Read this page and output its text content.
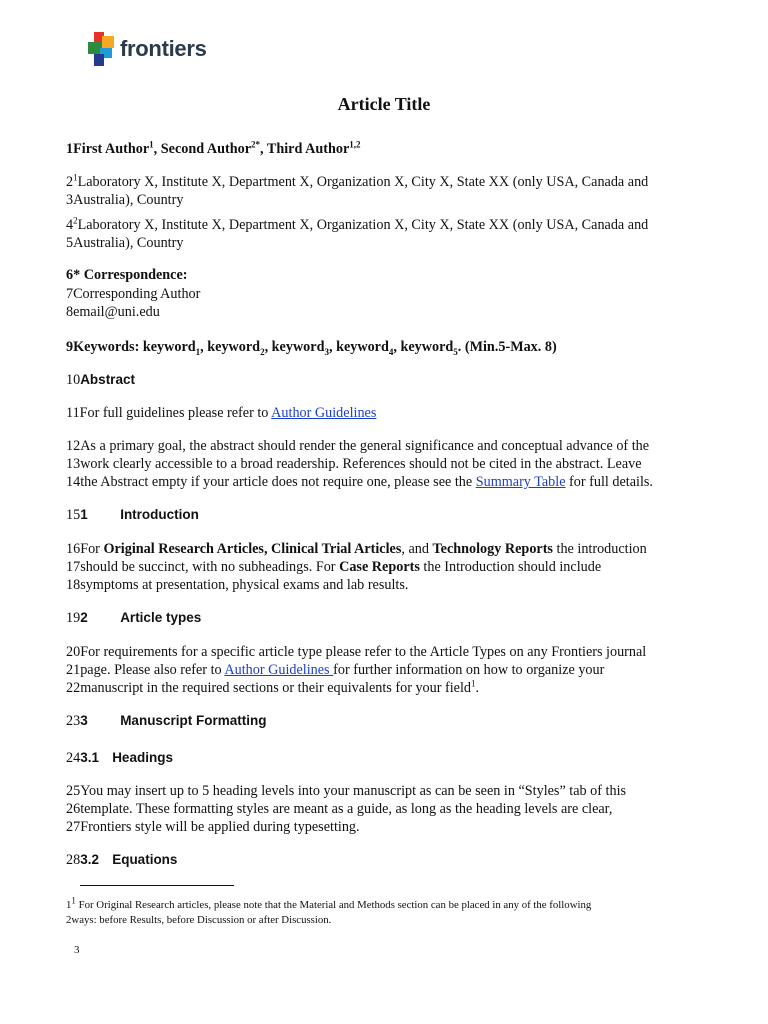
frontiers
Article Title
1First Author$^1$, Second Author$^{2*}$, Third Author$^{1,2}$
$2^1Laboratory$ X, Institute X, Department X, Organization X, City X, State XX (only USA, Canada and
3Australia), Country
$4^2Laboratory$ X, Institute X, Department X, Organization X, City X, State XX (only USA, Canada and
5Australia), Country
6* Correspondence:
7Corresponding Author
8email@uni.edu
9Keywords: keyword$_1$, keyword$_2$, keyword$_3$, keyword$_4$, keyword$_5$. (Min.5-Max. 8)
10Abstract
11For full guidelines please refer to Author Guidelines
12As a primary goal, the abstract should render the general significance and conceptual advance of the
13work clearly accessible to a broad readership. References should not be cited in the abstract. Leave
14the Abstract empty if your article does not require one, please see the Summary Table for full details.
151 Introduction
16For Original Research Articles, Clinical Trial Articles, and Technology Reports the introduction
17should be succinct, with no subheadings. For Case Reports the Introduction should include
18symptoms at presentation, physical exams and lab results.
192 Article types
20For requirements for a specific article type please refer to the Article Types on any Frontiers journal
21page. Please also refer to Author Guidelines for further information on how to organize your
22manuscript in the required sections or their equivalents for your field$^1$.
233 Manuscript Formatting
243.1 Headings
25You may insert up to 5 heading levels into your manuscript as can be seen in “Styles” tab of this
26template. These formatting styles are meant as a guide, as long as the heading levels are clear,
27Frontiers style will be applied during typesetting.
283.2 Equations
$1^1$ For Original Research articles, please note that the Material and Methods section can be placed in any of the following
2ways: before Results, before Discussion or after Discussion.
3
